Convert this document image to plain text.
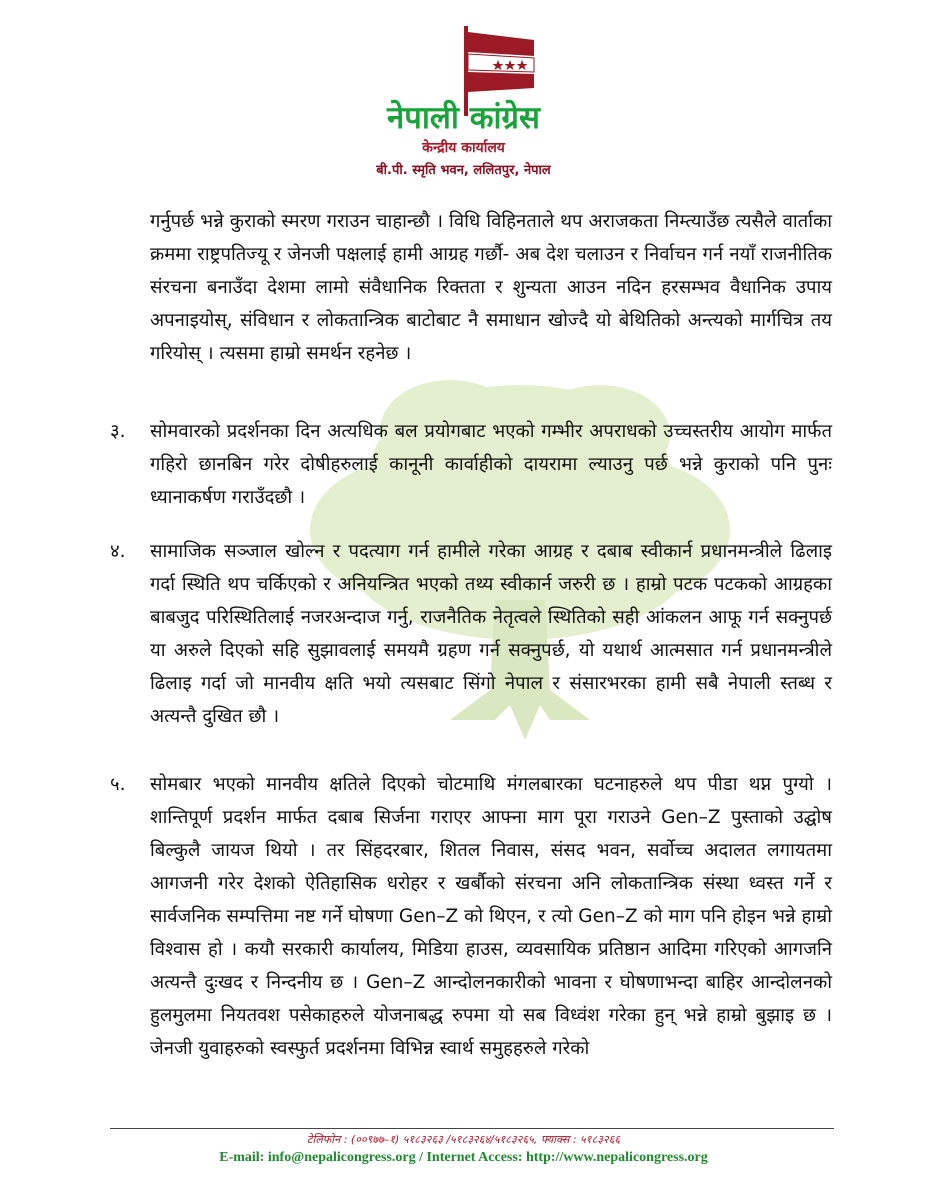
नेपाली कांग्रेस
केन्द्रीय कार्यालय
बी.पी. स्मृति भवन, ललितपुर, नेपाल
गर्नुपर्छ भन्ने कुराको स्मरण गराउन चाहान्छौ । विधि विहिनताले थप अराजकता निम्त्याउँछ त्यसैले वार्ताका क्रममा राष्ट्रपतिज्यू र जेनजी पक्षलाई हामी आग्रह गर्छौ- अब देश चलाउन र निर्वाचन गर्न नयाँ राजनीतिक संरचना बनाउँदा देशमा लामो संवैधानिक रिक्तता र शुन्यता आउन नदिन हरसम्भव वैधानिक उपाय अपनाइयोस्, संविधान र लोकतान्त्रिक बाटोबाट नै समाधान खोज्दै यो बेथितिको अन्त्यको मार्गचित्र तय गरियोस् । त्यसमा हाम्रो समर्थन रहनेछ ।
३. सोमवारको प्रदर्शनका दिन अत्यधिक बल प्रयोगबाट भएको गम्भीर अपराधको उच्चस्तरीय आयोग मार्फत गहिरो छानबिन गरेर दोषीहरुलाई कानूनी कार्वाहीको दायरामा ल्याउनु पर्छ भन्ने कुराको पनि पुनः ध्यानाकर्षण गराउँदछौ ।
४. सामाजिक सञ्जाल खोल्न र पदत्याग गर्न हामीले गरेका आग्रह र दबाब स्वीकार्न प्रधानमन्त्रीले ढिलाइ गर्दा स्थिति थप चर्किएको र अनियन्त्रित भएको तथ्य स्वीकार्न जरुरी छ । हाम्रो पटक पटकको आग्रहका बाबजुद परिस्थितिलाई नजरअन्दाज गर्नु, राजनैतिक नेतृत्वले स्थितिको सही आंकलन आफू गर्न सक्नुपर्छ या अरुले दिएको सहि सुझावलाई समयमै ग्रहण गर्न सक्नुपर्छ, यो यथार्थ आत्मसात गर्न प्रधानमन्त्रीले ढिलाइ गर्दा जो मानवीय क्षति भयो त्यसबाट सिंगो नेपाल र संसारभरका हामी सबै नेपाली स्तब्ध र अत्यन्तै दुखित छौ ।
५. सोमबार भएको मानवीय क्षतिले दिएको चोटमाथि मंगलबारका घटनाहरुले थप पीडा थप्न पुग्यो । शान्तिपूर्ण प्रदर्शन मार्फत दबाब सिर्जना गराएर आफ्ना माग पूरा गराउने Gen–Z पुस्ताको उद्घोष बिल्कुलै जायज थियो । तर सिंहदरबार, शितल निवास, संसद भवन, सर्वोच्च अदालत लगायतमा आगजनी गरेर देशको ऐतिहासिक धरोहर र खर्बौको संरचना अनि लोकतान्त्रिक संस्था ध्वस्त गर्ने र सार्वजनिक सम्पत्तिमा नष्ट गर्ने घोषणा Gen–Z को थिएन, र त्यो Gen–Z को माग पनि होइन भन्ने हाम्रो विश्वास हो । कयौ सरकारी कार्यालय, मिडिया हाउस, व्यवसायिक प्रतिष्ठान आदिमा गरिएको आगजनि अत्यन्तै दुःखद र निन्दनीय छ । Gen–Z आन्दोलनकारीको भावना र घोषणाभन्दा बाहिर आन्दोलनको हुलमुलमा नियतवश पसेकाहरुले योजनाबद्ध रुपमा यो सब विध्वंश गरेका हुन् भन्ने हाम्रो बुझाइ छ । जेनजी युवाहरुको स्वस्फुर्त प्रदर्शनमा विभिन्न स्वार्थ समुहहरुले गरेको
टेलिफोन : (००९७७–१) ५१८३२६३ /५१८३२६४/५१८३२६५, फ्याक्स : ५१८३२६६
E-mail: info@nepalicongress.org / Internet Access: http://www.nepalicongress.org
